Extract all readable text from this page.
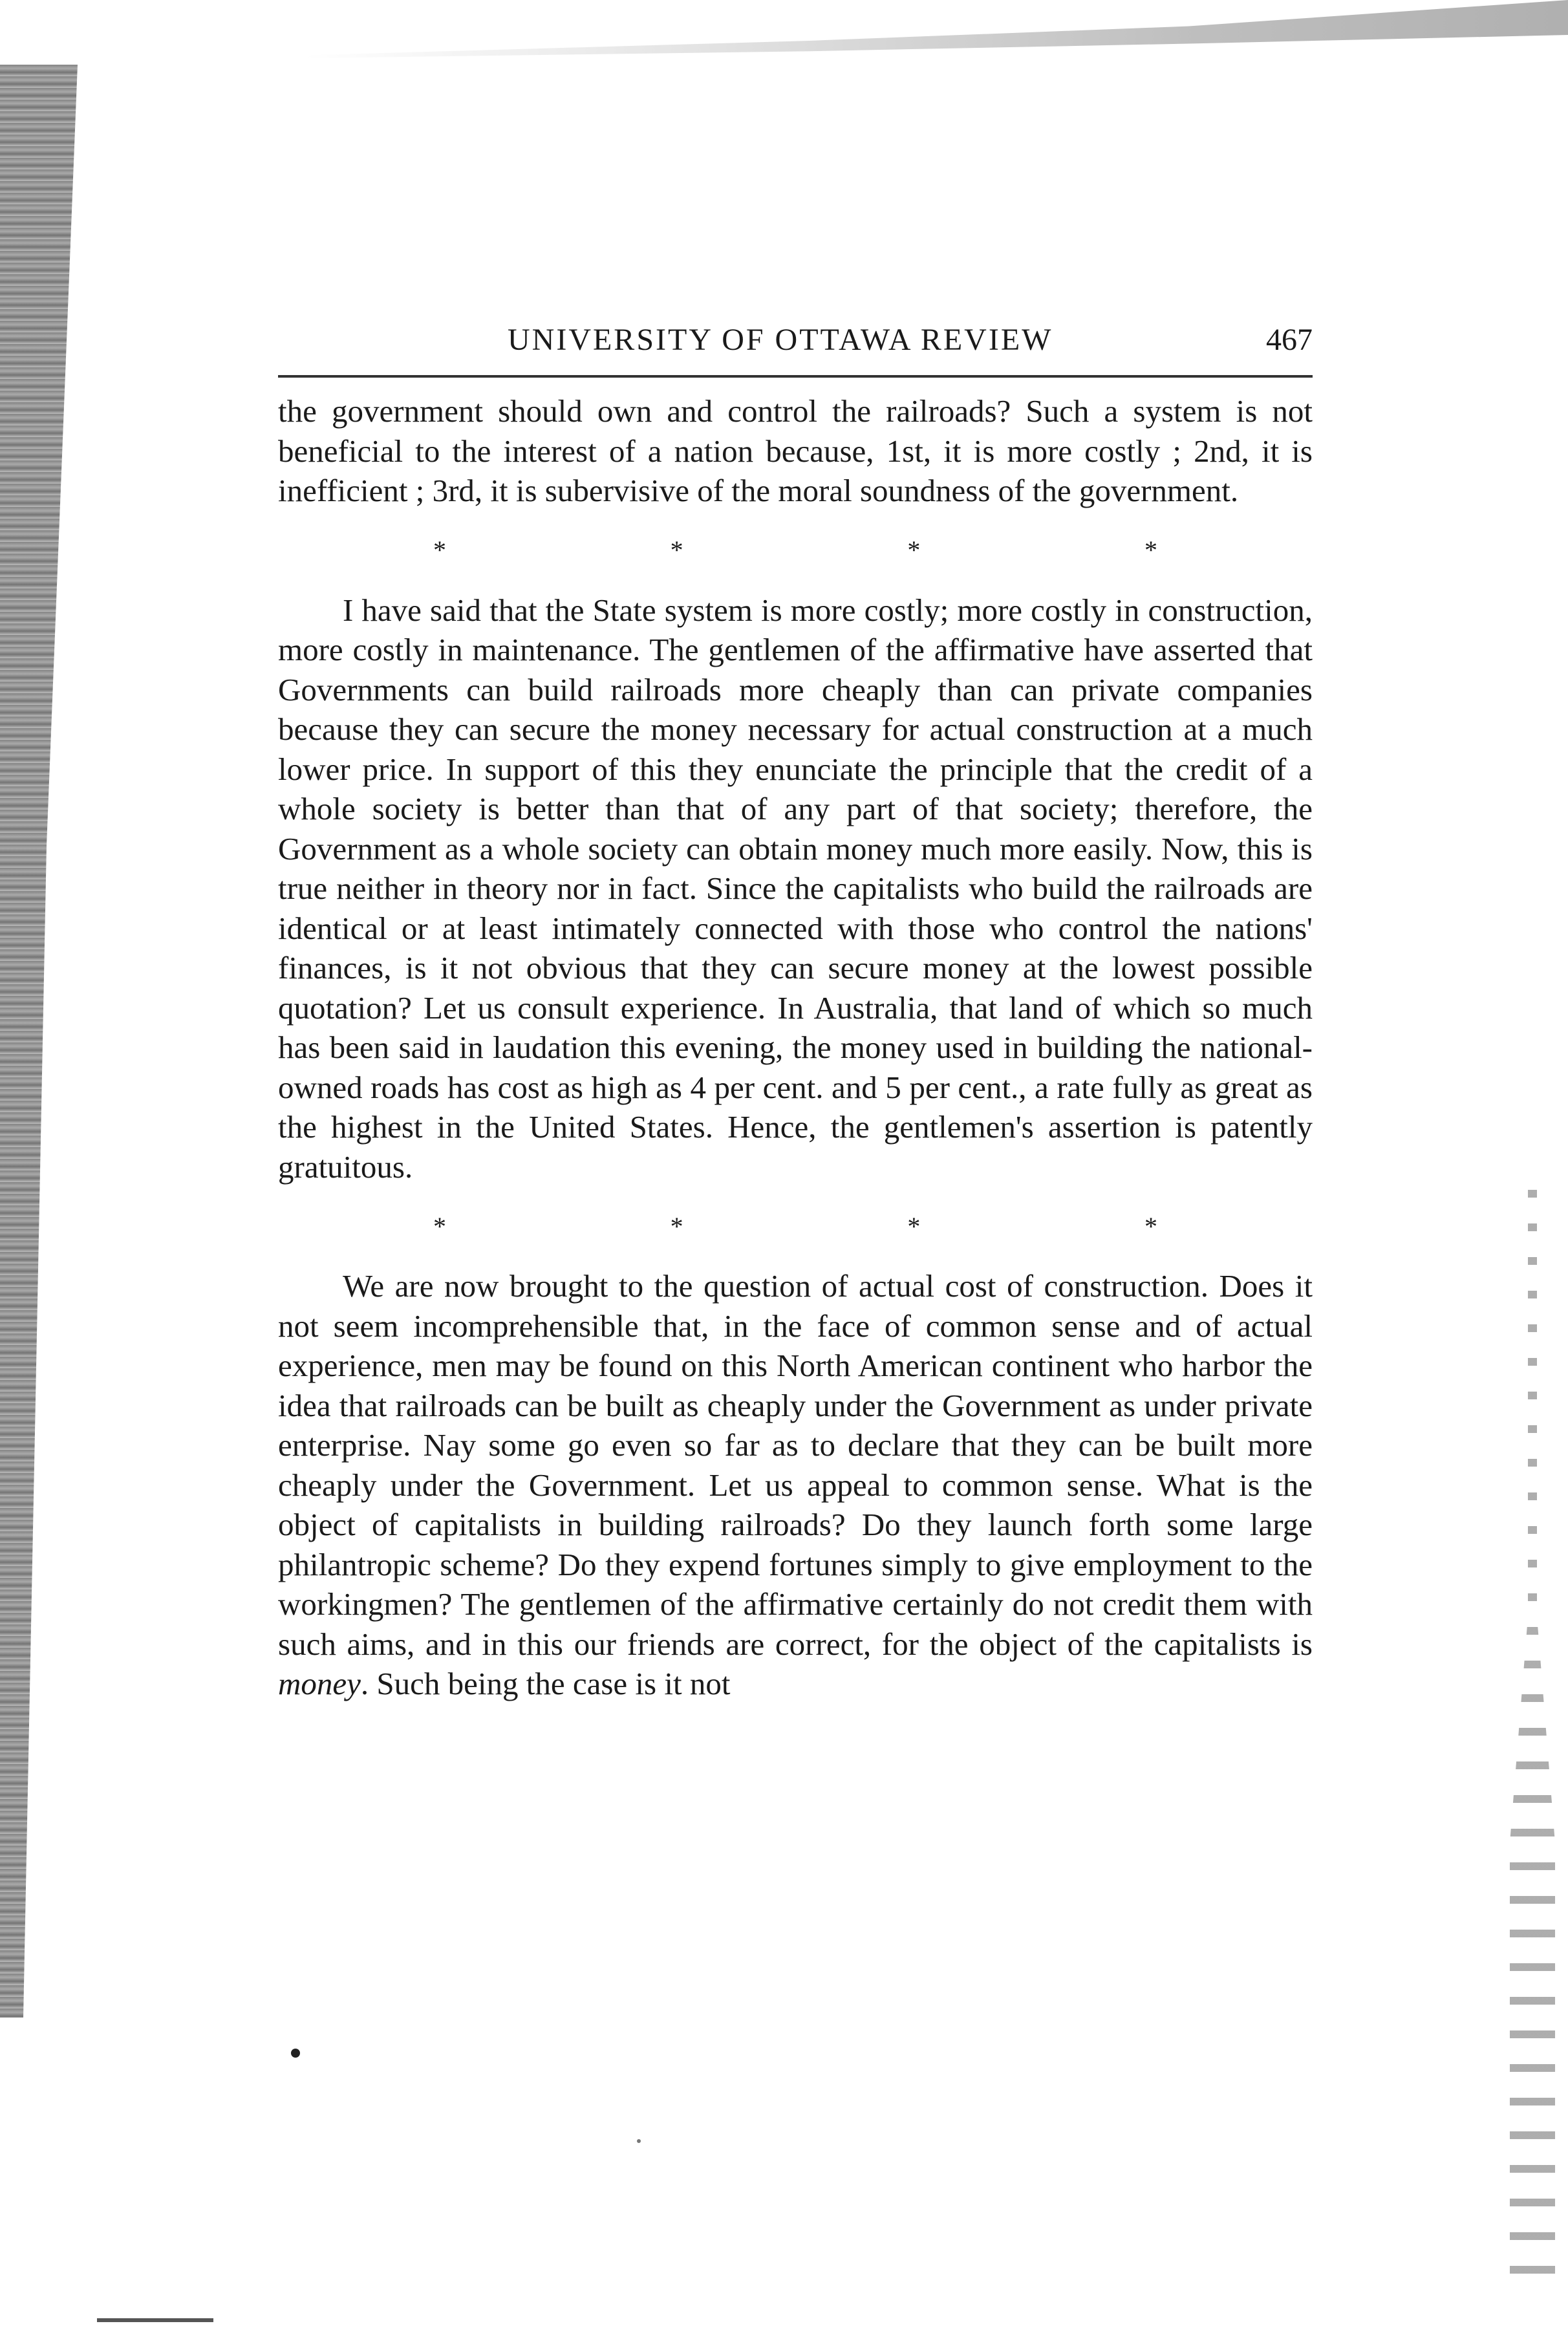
UNIVERSITY OF OTTAWA REVIEW	467

the government should own and control the railroads? Such a system is not beneficial to the interest of a nation because, 1st, it is more costly ; 2nd, it is inefficient ; 3rd, it is subervisive of the moral soundness of the government.

*	*	*	*

I have said that the State system is more costly; more costly in construction, more costly in maintenance. The gentlemen of the affirmative have asserted that Governments can build railroads more cheaply than can private companies because they can secure the money necessary for actual construction at a much lower price. In support of this they enunciate the principle that the credit of a whole society is better than that of any part of that society; therefore, the Government as a whole society can obtain money much more easily. Now, this is true neither in theory nor in fact. Since the capitalists who build the railroads are identical or at least intimately connected with those who control the nations' finances, is it not obvious that they can secure money at the lowest possible quotation? Let us consult experience. In Australia, that land of which so much has been said in laudation this evening, the money used in building the national-owned roads has cost as high as 4 per cent. and 5 per cent., a rate fully as great as the highest in the United States. Hence, the gentlemen's assertion is patently gratuitous.

*	*	*	*

We are now brought to the question of actual cost of construction. Does it not seem incomprehensible that, in the face of common sense and of actual experience, men may be found on this North American continent who harbor the idea that railroads can be built as cheaply under the Government as under private enterprise. Nay some go even so far as to declare that they can be built more cheaply under the Government. Let us appeal to common sense. What is the object of capitalists in building railroads? Do they launch forth some large philantropic scheme? Do they expend fortunes simply to give employment to the workingmen? The gentlemen of the affirmative certainly do not credit them with such aims, and in this our friends are correct, for the object of the capitalists is money. Such being the case is it not
